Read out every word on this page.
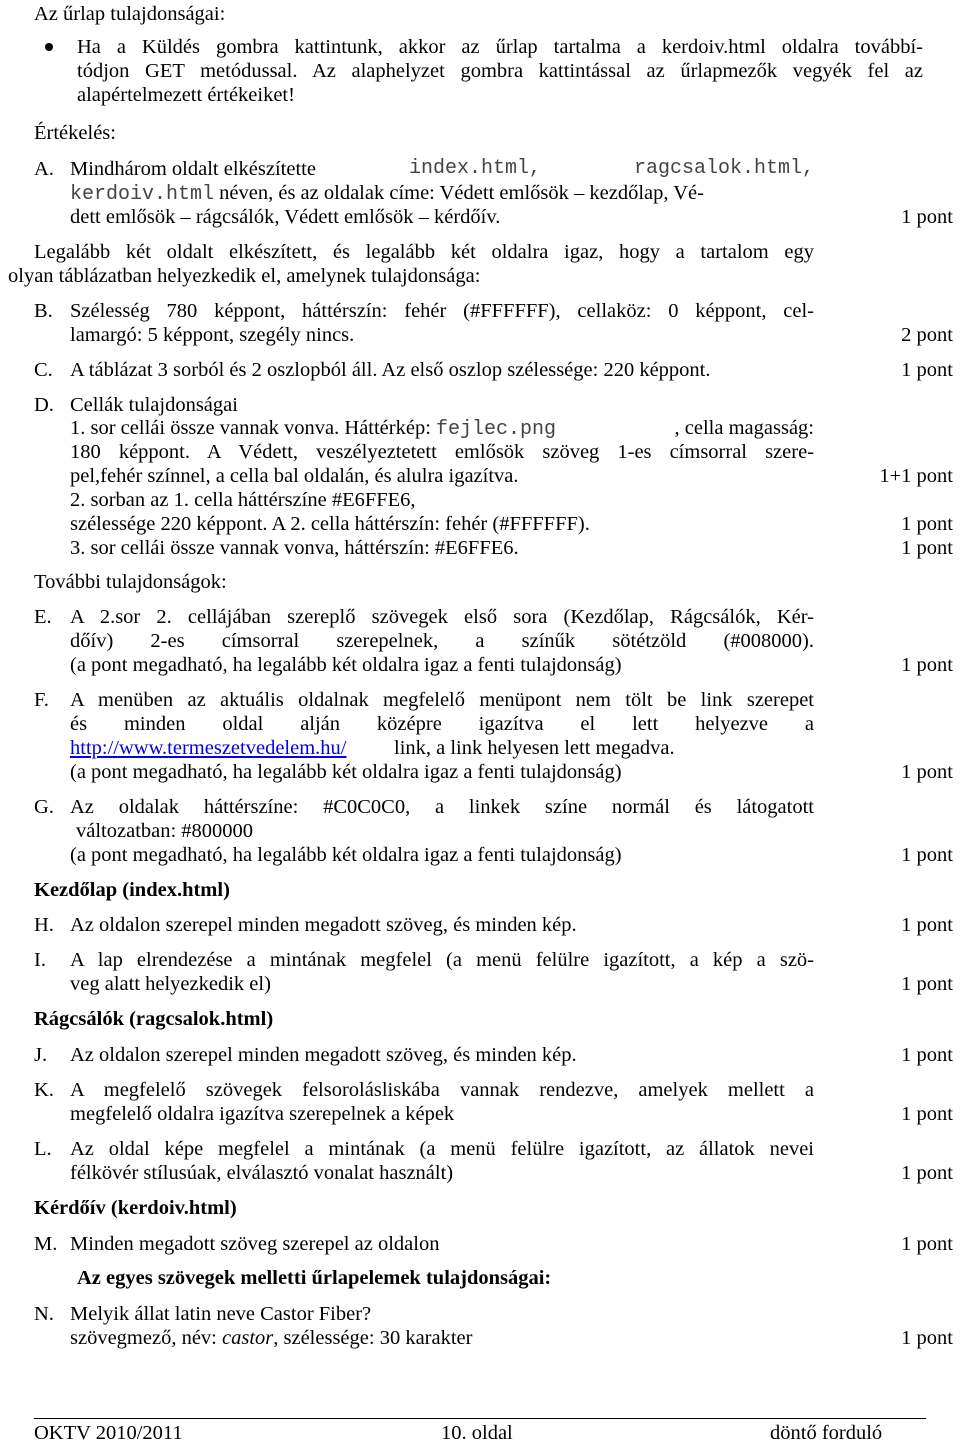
Az űrlap tulajdonságai:
Ha a Küldés gombra kattintunk, akkor az űrlap tartalma a kerdoiv.html oldalra továbbí-
tódjon GET metódussal. Az alaphelyzet gombra kattintással az űrlapmezők vegyék fel az
alapértelmezett értékeiket!
Értékelés:
A. Mindhárom oldalt elkészítette	index.html,	ragcsalok.html,
kerdoiv.html néven, és az oldalak címe: Védett emlősök – kezdőlap, Vé-
dett emlősök – rágcsálók, Védett emlősök – kérdőív.	1 pont
Legalább két oldalt elkészített, és legalább két oldalra igaz, hogy a tartalom egy
olyan táblázatban helyezkedik el, amelynek tulajdonsága:
B. Szélesség 780 képpont, háttérszín: fehér (#FFFFFF), cellaköz: 0 képpont, cel-
lamargó: 5 képpont, szegély nincs.	2 pont
C. A táblázat 3 sorból és 2 oszlopból áll. Az első oszlop szélessége: 220 képpont.	1 pont
D. Cellák tulajdonságai
1. sor cellái össze vannak vonva. Háttérkép: fejlec.png	, cella magasság:
180 képpont. A Védett, veszélyeztetett emlősök szöveg 1-es címsorral szere-
pel,fehér színnel, a cella bal oldalán, és alulra igazítva.	1+1 pont
2. sorban az 1. cella háttérszíne #E6FFE6,
szélessége 220 képpont. A 2. cella háttérszín: fehér (#FFFFFF).	1 pont
3. sor cellái össze vannak vonva, háttérszín: #E6FFE6.	1 pont
További tulajdonságok:
E. A 2.sor 2. cellájában szereplő szövegek első sora (Kezdőlap, Rágcsálók, Kér-
dőív) 2-es címsorral szerepelnek, a színűk sötétzöld (#008000).
(a pont megadható, ha legalább két oldalra igaz a fenti tulajdonság)	1 pont
F. A menüben az aktuális oldalnak megfelelő menüpont nem tölt be link szerepet
és minden oldal alján középre igazítva el lett helyezve a
http://www.termeszetvedelem.hu/ link, a link helyesen lett megadva.
(a pont megadható, ha legalább két oldalra igaz a fenti tulajdonság)	1 pont
G. Az oldalak háttérszíne: #C0C0C0, a linkek színe normál és látogatott
változatban: #800000
(a pont megadható, ha legalább két oldalra igaz a fenti tulajdonság)	1 pont
Kezdőlap (index.html)
H. Az oldalon szerepel minden megadott szöveg, és minden kép.	1 pont
I. A lap elrendezése a mintának megfelel (a menü felülre igazított, a kép a szö-
veg alatt helyezkedik el)	1 pont
Rágcsálók (ragcsalok.html)
J. Az oldalon szerepel minden megadott szöveg, és minden kép.	1 pont
K. A megfelelő szövegek felsorolásliskába vannak rendezve, amelyek mellett a
megfelelő oldalra igazítva szerepelnek a képek	1 pont
L. Az oldal képe megfelel a mintának (a menü felülre igazított, az állatok nevei
félkövér stílusúak, elválasztó vonalat használt)	1 pont
Kérdőív (kerdoiv.html)
M. Minden megadott szöveg szerepel az oldalon	1 pont
Az egyes szövegek melletti űrlapelemek tulajdonságai:
N. Melyik állat latin neve Castor Fiber?
szövegmező, név: castor, szélessége: 30 karakter	1 pont
OKTV 2010/2011	10. oldal	döntő forduló
